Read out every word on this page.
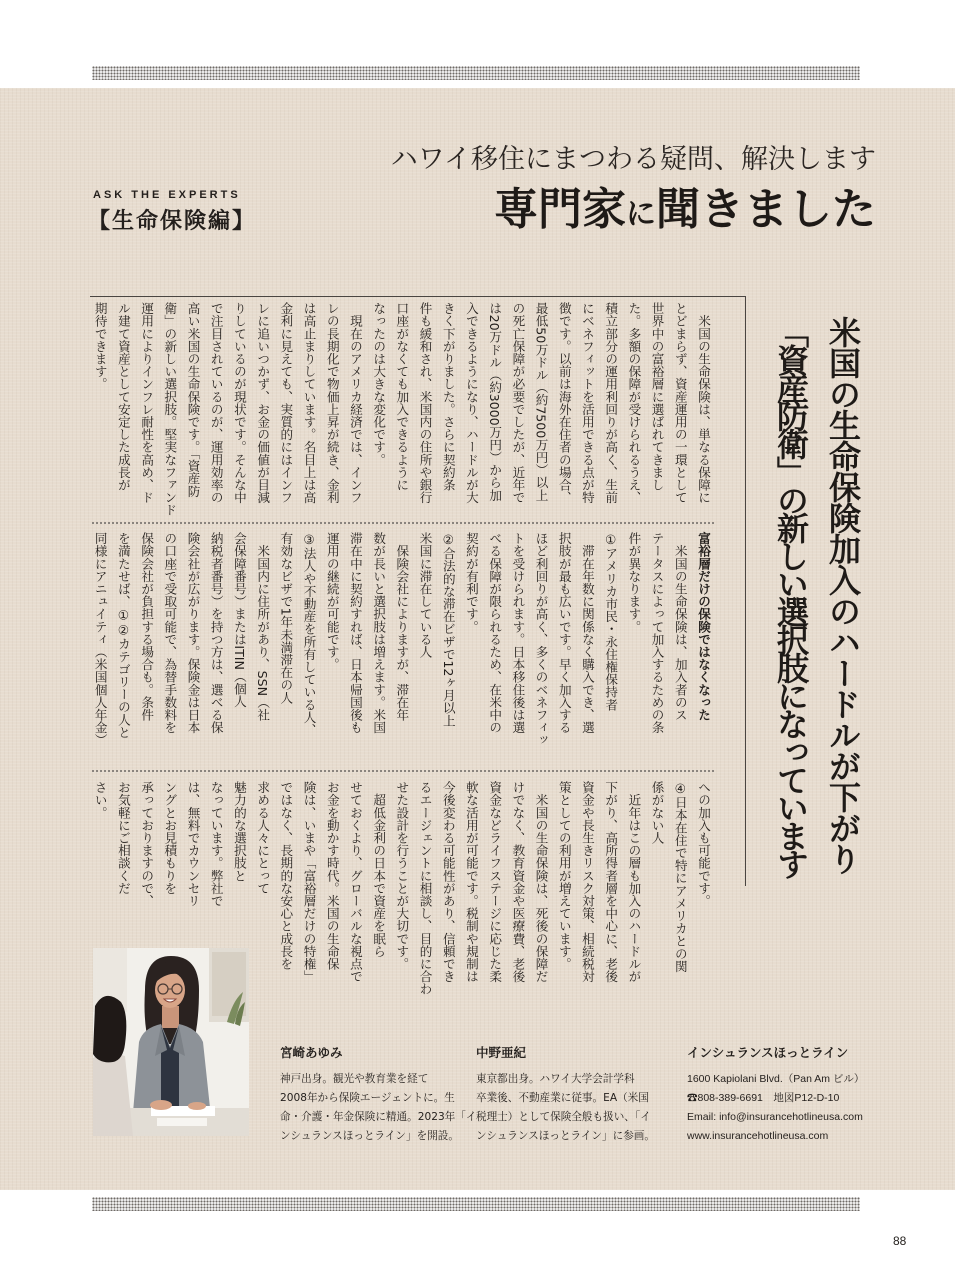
ハワイ移住にまつわる疑問、解決します
専門家に聞きました
ASK THE EXPERTS
【生命保険編】
米国の生命保険加入のハードルが下がり
「資産防衛」の新しい選択肢になっています
　米国の生命保険は、単なる保障に
とどまらず、資産運用の一環として
世界中の富裕層に選ばれてきまし
た。多額の保障が受けられるうえ、
積立部分の運用利回りが高く、生前
にベネフィットを活用できる点が特
徴です。以前は海外在住者の場合、
最低50万ドル（約7500万円）以上
の死亡保障が必要でしたが、近年で
は20万ドル（約3000万円）から加
入できるようになり、ハードルが大
きく下がりました。さらに契約条
件も緩和され、米国内の住所や銀行
口座がなくても加入できるように
なったのは大きな変化です。
　現在のアメリカ経済では、インフ
レの長期化で物価上昇が続き、金利
は高止まりしています。名目上は高
金利に見えても、実質的にはインフ
レに追いつかず、お金の価値が目減
りしているのが現状です。そんな中
で注目されているのが、運用効率の
高い米国の生命保険です。「資産防
衛」の新しい選択肢。堅実なファンド
運用によりインフレ耐性を高め、ド
ル建て資産として安定した成長が
期待できます。
富裕層だけの保険ではなくなった
　米国の生命保険は、加入者のス
テータスによって加入するための条
件が異なります。
①アメリカ市民・永住権保持者
　滞在年数に関係なく購入でき、選
択肢が最も広いです。早く加入する
ほど利回りが高く、多くのベネフィッ
トを受けられます。日本移住後は選
べる保障が限られるため、在米中の
契約が有利です。
②合法的な滞在ビザで12ヶ月以上
米国に滞在している人
　保険会社によりますが、滞在年
数が長いと選択肢は増えます。米国
滞在中に契約すれば、日本帰国後も
運用の継続が可能です。
③法人や不動産を所有している人、
有効なビザで1年未満滞在の人
　米国内に住所があり、SSN（社
会保障番号）またはITIN（個人
納税者番号）を持つ方は、選べる保
険会社が広がります。保険金は日本
の口座で受取可能で、為替手数料を
保険会社が負担する場合も。条件
を満たせば、①②カテゴリーの人と
同様にアニュイティ（米国個人年金）
への加入も可能です。
④日本在住で特にアメリカとの関
係がない人
　近年はこの層も加入のハードルが
下がり、高所得者層を中心に、老後
資金や長生きリスク対策、相続税対
策としての利用が増えています。
　米国の生命保険は、死後の保障だ
けでなく、教育資金や医療費、老後
資金などライフステージに応じた柔
軟な活用が可能です。税制や規制は
今後変わる可能性があり、信頼でき
るエージェントに相談し、目的に合わ
せた設計を行うことが大切です。
　超低金利の日本で資産を眠ら
せておくより、グローバルな視点で
お金を動かす時代。米国の生命保
険は、いまや「富裕層だけの特権」
ではなく、長期的な安心と成長を
求める人々にとって
魅力的な選択肢と
なっています。弊社で
は、無料でカウンセリ
ングとお見積もりを
承っておりますので、
お気軽にご相談くだ
さい。
宮崎あゆみ
神戸出身。観光や教育業を経て
2008年から保険エージェントに。生
命・介護・年金保険に精通。2023年「イ
ンシュランスほっとライン」を開設。
中野亜紀
東京都出身。ハワイ大学会計学科
卒業後、不動産業に従事。EA（米国
税理士）として保険全般も扱い、「イ
ンシュランスほっとライン」に参画。
インシュランスほっとライン
1600 Kapiolani Blvd.（Pan Am ビル）
☎808-389-6691　地図P12-D-10
Email: info@insurancehotlineusa.com
www.insurancehotlineusa.com
88
